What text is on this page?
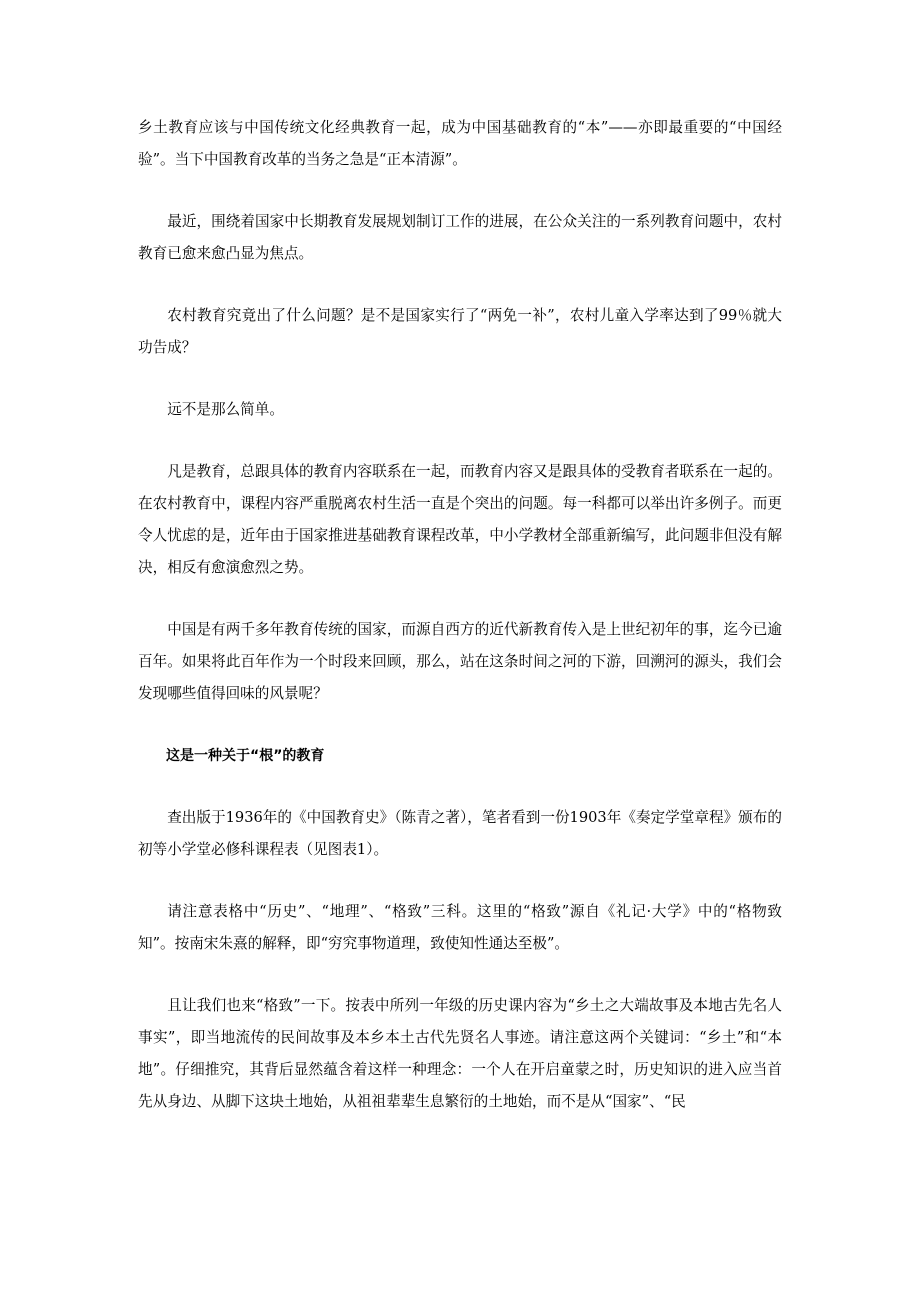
乡土教育应该与中国传统文化经典教育一起，成为中国基础教育的“本”——亦即最重要的“中国经验”。当下中国教育改革的当务之急是“正本清源”。

最近，围绕着国家中长期教育发展规划制订工作的进展，在公众关注的一系列教育问题中，农村教育已愈来愈凸显为焦点。

农村教育究竟出了什么问题？是不是国家实行了“两免一补”，农村儿童入学率达到了99％就大功告成？

远不是那么简单。

凡是教育，总跟具体的教育内容联系在一起，而教育内容又是跟具体的受教育者联系在一起的。在农村教育中，课程内容严重脱离农村生活一直是个突出的问题。每一科都可以举出许多例子。而更令人忧虑的是，近年由于国家推进基础教育课程改革，中小学教材全部重新编写，此问题非但没有解决，相反有愈演愈烈之势。

中国是有两千多年教育传统的国家，而源自西方的近代新教育传入是上世纪初年的事，迄今已逾百年。如果将此百年作为一个时段来回顾，那么，站在这条时间之河的下游，回溯河的源头，我们会发现哪些值得回味的风景呢？

这是一种关于“根”的教育

查出版于1936年的《中国教育史》（陈青之著），笔者看到一份1903年《奏定学堂章程》颁布的初等小学堂必修科课程表（见图表1）。

请注意表格中“历史”、“地理”、“格致”三科。这里的“格致”源自《礼记·大学》中的“格物致知”。按南宋朱熹的解释，即“穷究事物道理，致使知性通达至极”。

且让我们也来“格致”一下。按表中所列一年级的历史课内容为“乡土之大端故事及本地古先名人事实”，即当地流传的民间故事及本乡本土古代先贤名人事迹。请注意这两个关键词：“乡土”和“本地”。仔细推究，其背后显然蕴含着这样一种理念：一个人在开启童蒙之时，历史知识的进入应当首先从身边、从脚下这块土地始，从祖祖辈辈生息繁衍的土地始，而不是从“国家”、“民
